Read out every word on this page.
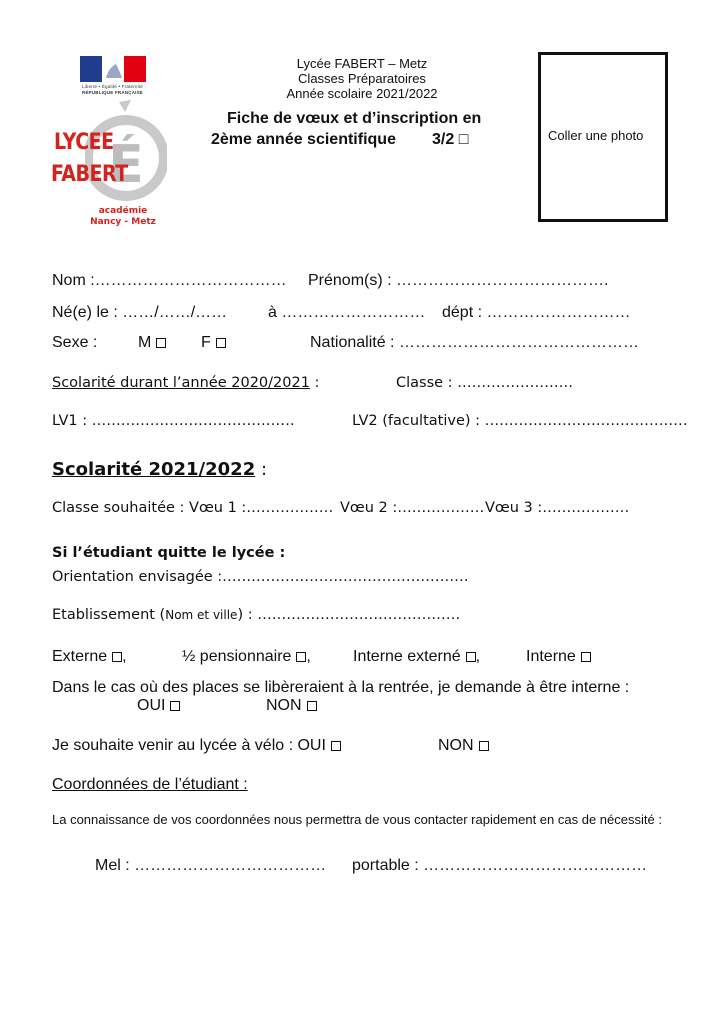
Liberté • Égalité • Fraternité
RÉPUBLIQUE FRANÇAISE
É
LYCEE
FABERT
académie
Nancy - Metz
Lycée FABERT – Metz
Classes Préparatoires
Année scolaire 2021/2022
Fiche de vœux et d’inscription en
2ème année scientifique 3/2 □	Coller une photo
Nom :……………………………… Prénom(s) : ………………………………….
Né(e) le : ……/……/……	à ……………………… dépt : ………………………
Sexe :	M	F	Nationalité : ………………………………………
Scolarité durant l’année 2020/2021 :	Classe : ……………………
LV1 : ……………………………………	LV2 (facultative) : ……………………………………
Scolarité 2021/2022 :
Classe souhaitée : Vœu 1 :……………… Vœu 2 :……………… Vœu 3 :………………
Si l’étudiant quitte le lycée :
Orientation envisagée :……………………………………………
Etablissement (Nom et ville) : ……………………………………
Externe ,	½ pensionnaire ,	Interne externé ,	Interne
Dans le cas où des places se libèreraient à la rentrée, je demande à être interne :
OUI	NON
Je souhaite venir au lycée à vélo : OUI	NON
Coordonnées de l’étudiant :
La connaissance de vos coordonnées nous permettra de vous contacter rapidement en cas de nécessité :
Mel : ……………………………… portable : ……………………………………
